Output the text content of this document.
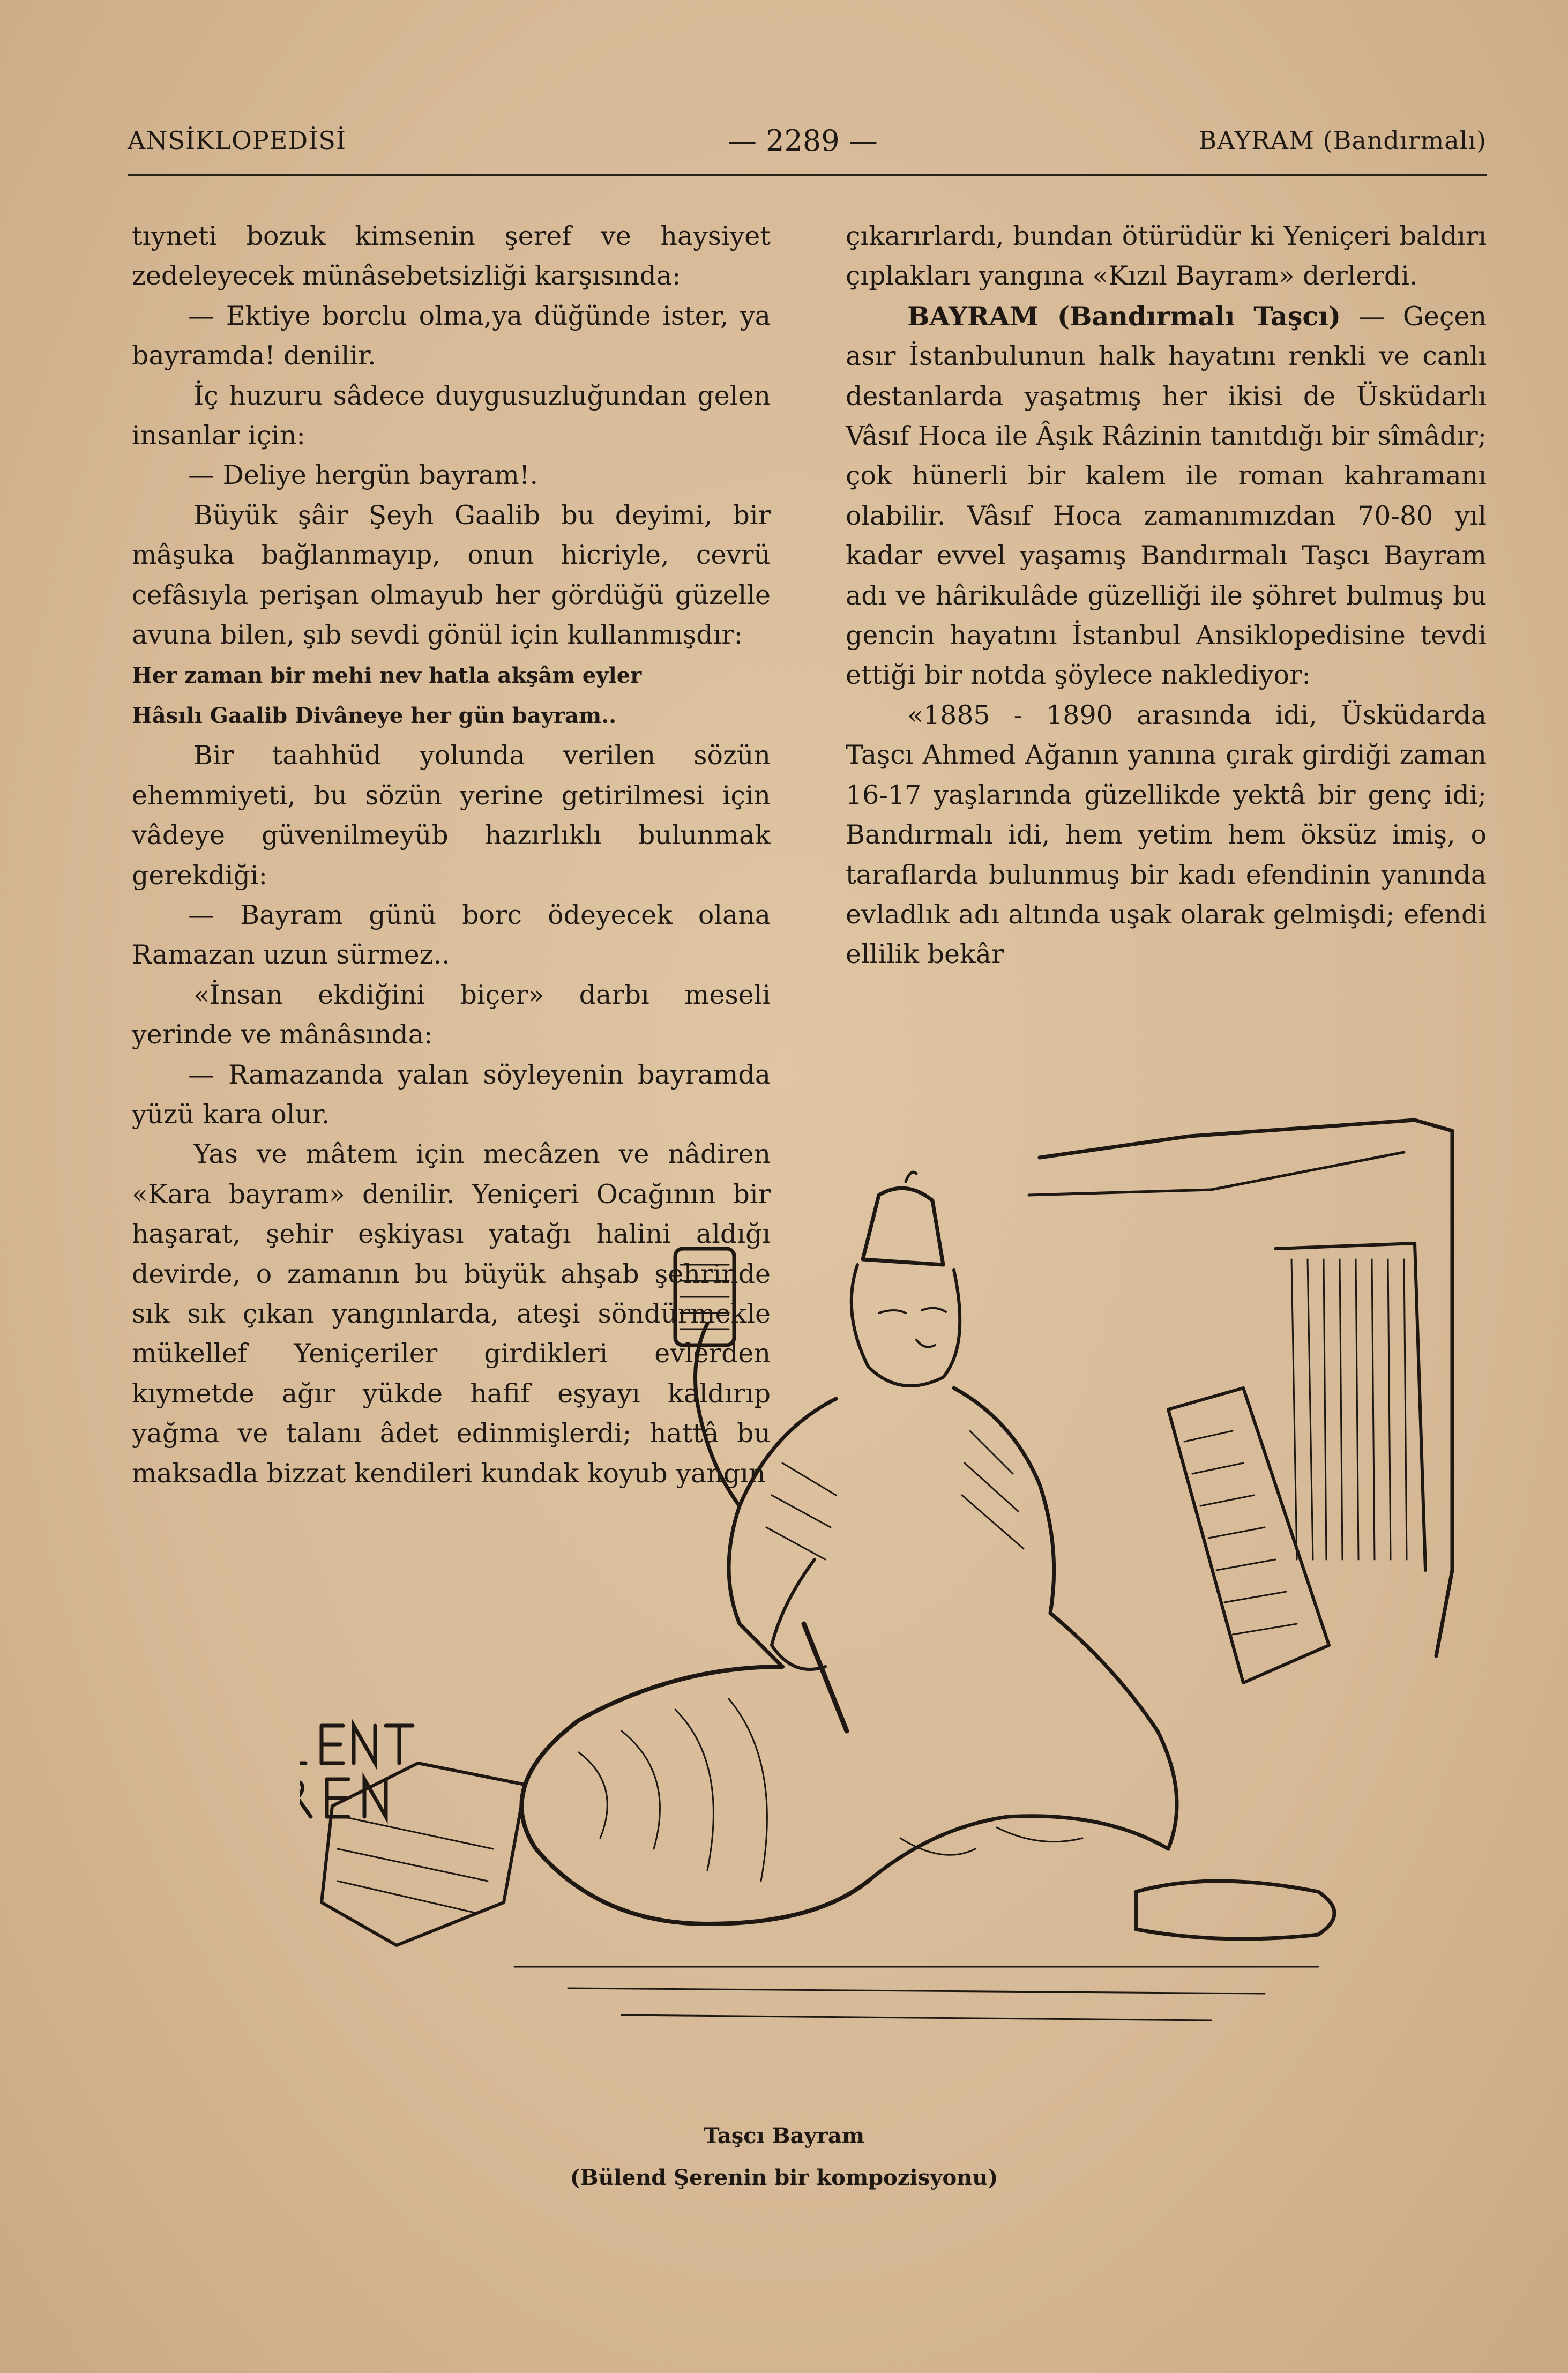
ANSİKLOPEDİSİ	— 2289 —	BAYRAM (Bandırmalı)

tıyneti bozuk kimsenin şeref ve haysiyet zedeleyecek münâsebetsizliği karşısında:

— Ektiye borclu olma,ya düğünde ister, ya bayramda! denilir.

İç huzuru sâdece duygusuzluğundan gelen insanlar için:

— Deliye hergün bayram!.

Büyük şâir Şeyh Gaalib bu deyimi, bir mâşuka bağlanmayıp, onun hicriyle, cevrü cefâsıyla perişan olmayub her gördüğü güzelle avuna bilen, şıb sevdi gönül için kullanmışdır:

Her zaman bir mehi nev hatla akşâm eyler

Hâsılı Gaalib Divâneye her gün bayram..

Bir taahhüd yolunda verilen sözün ehemmiyeti, bu sözün yerine getirilmesi için vâdeye güvenilmeyüb hazırlıklı bulunmak gerekdiği:

— Bayram günü borc ödeyecek olana Ramazan uzun sürmez..

«İnsan ekdiğini biçer» darbı meseli yerinde ve mânâsında:

— Ramazanda yalan söyleyenin bayramda yüzü kara olur.

Yas ve mâtem için mecâzen ve nâdiren «Kara bayram» denilir. Yeniçeri Ocağının bir haşarat, şehir eşkiyası yatağı halini aldığı devirde, o zamanın bu büyük ahşab şehrinde sık sık çıkan yangınlarda, ateşi söndürmekle mükellef Yeniçeriler girdikleri evlerden kıymetde ağır yükde hafif eşyayı kaldırıp yağma ve talanı âdet edinmişlerdi; hattâ bu maksadla bizzat kendileri kundak koyub yangın

çıkarırlardı, bundan ötürüdür ki Yeniçeri baldırı çıplakları yangına «Kızıl Bayram» derlerdi.

BAYRAM (Bandırmalı Taşcı) — Geçen asır İstanbulunun halk hayatını renkli ve canlı destanlarda yaşatmış her ikisi de Üsküdarlı Vâsıf Hoca ile Âşık Râzinin tanıtdığı bir sîmâdır; çok hünerli bir kalem ile roman kahramanı olabilir. Vâsıf Hoca zamanımızdan 70-80 yıl kadar evvel yaşamış Bandırmalı Taşcı Bayram adı ve hârikulâde güzelliği ile şöhret bulmuş bu gencin hayatını İstanbul Ansiklopedisine tevdi ettiği bir notda şöylece naklediyor:

«1885 - 1890 arasında idi, Üsküdarda Taşcı Ahmed Ağanın yanına çırak girdiği zaman 16-17 yaşlarında güzellikde yektâ bir genç idi; Bandırmalı idi, hem yetim hem öksüz imiş, o taraflarda bulunmuş bir kadı efendinin yanında evladlık adı altında uşak olarak gelmişdi; efendi ellilik bekâr

Taşcı Bayram
(Bülend Şerenin bir kompozisyonu)
